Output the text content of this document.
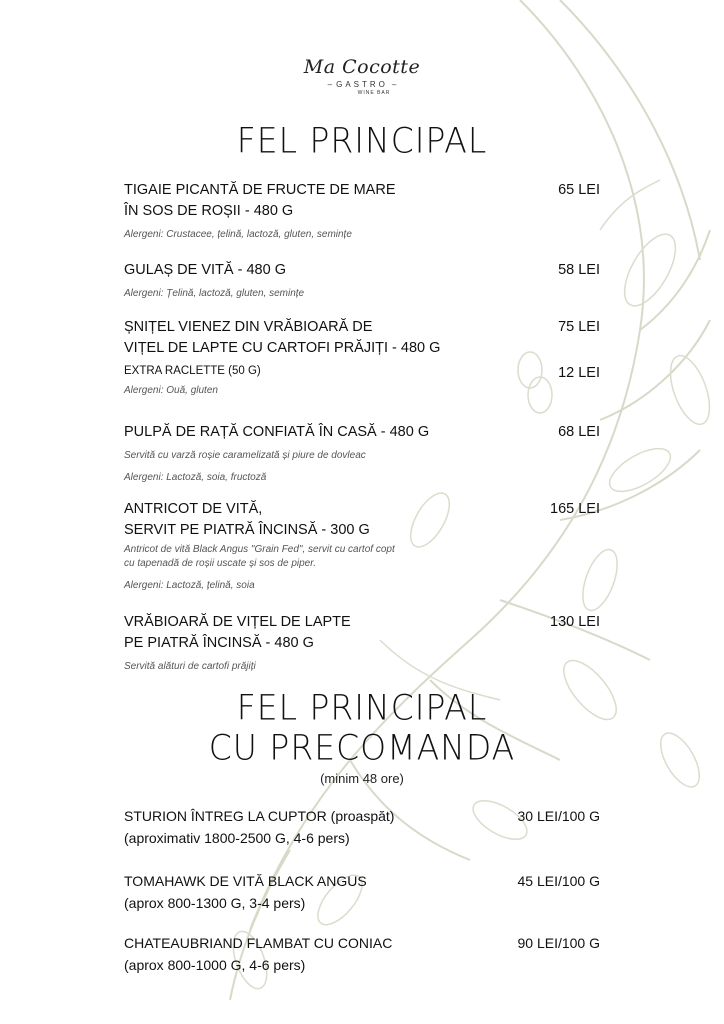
Ma Cocotte
– GASTRO –
WINE BAR
FEL PRINCIPAL
TIGAIE PICANTĂ DE FRUCTE DE MARE
ÎN SOS DE ROȘII - 480 G
65 LEI
Alergeni: Crustacee, țelină, lactoză, gluten, semințe
GULAȘ DE VITĂ - 480 G	58 LEI
Alergeni: Țelină, lactoză, gluten, semințe
ȘNIȚEL VIENEZ DIN VRĂBIOARĂ DE
VIȚEL DE LAPTE CU CARTOFI PRĂJIȚI - 480 G
75 LEI
EXTRA RACLETTE (50 G)	12 LEI
Alergeni: Ouă, gluten
PULPĂ DE RAȚĂ CONFIATĂ ÎN CASĂ - 480 G	68 LEI
Servită cu varză roșie caramelizată și piure de dovleac
Alergeni: Lactoză, soia, fructoză
ANTRICOT DE VITĂ,
SERVIT PE PIATRĂ ÎNCINSĂ - 300 G
165 LEI
Antricot de vită Black Angus "Grain Fed", servit cu cartof copt
cu tapenadă de roșii uscate și sos de piper.
Alergeni: Lactoză, țelină, soia
VRĂBIOARĂ DE VIȚEL DE LAPTE
PE PIATRĂ ÎNCINSĂ - 480 G
130 LEI
Servită alături de cartofi prăjiți
FEL PRINCIPAL
CU PRECOMANDA
(minim 48 ore)
STURION ÎNTREG LA CUPTOR (proaspăt)
(aproximativ 1800-2500 G, 4-6 pers)
30 LEI/100 G
TOMAHAWK DE VITĂ BLACK ANGUS
(aprox 800-1300 G, 3-4 pers)
45 LEI/100 G
CHATEAUBRIAND FLAMBAT CU CONIAC
(aprox 800-1000 G, 4-6 pers)
90 LEI/100 G
